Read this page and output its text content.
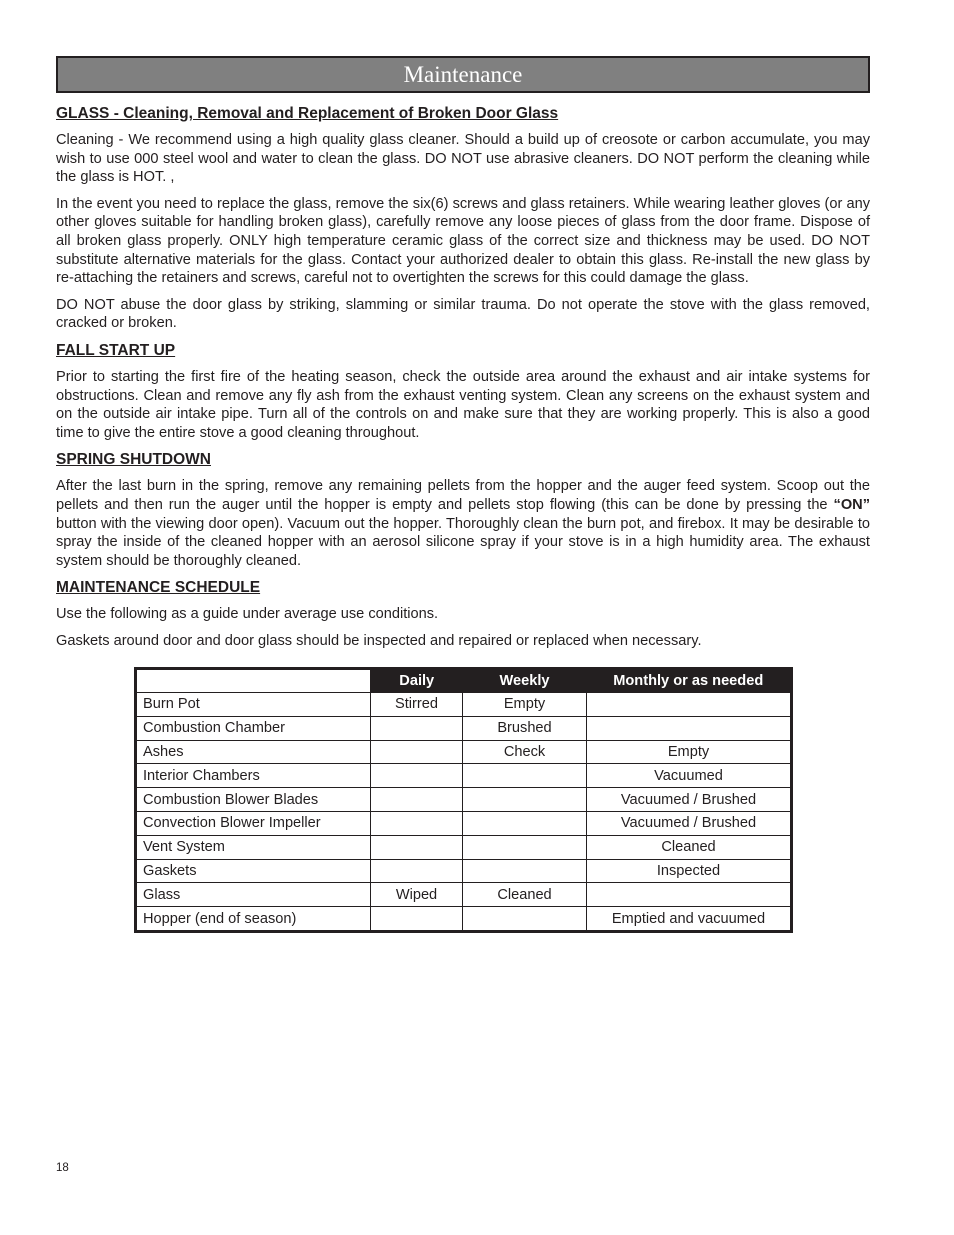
Maintenance
GLASS - Cleaning, Removal and Replacement of Broken Door Glass

Cleaning - We recommend using a high quality glass cleaner. Should a build up of creosote or carbon accumulate, you may wish to use 000 steel wool and water to clean the glass. DO NOT use abrasive cleaners. DO NOT perform the cleaning while the glass is HOT. ,

In the event you need to replace the glass, remove the six(6) screws and glass retainers. While wearing leather gloves (or any other gloves suitable for handling broken glass), carefully remove any loose pieces of glass from the door frame. Dispose of all broken glass properly. ONLY high temperature ceramic glass of the correct size and thickness may be used. DO NOT substitute alternative materials for the glass. Contact your authorized dealer to obtain this glass. Re-install the new glass by re-attaching the retainers and screws, careful not to overtighten the screws for this could damage the glass.

DO NOT abuse the door glass by striking, slamming or similar trauma. Do not operate the stove with the glass removed, cracked or broken.

FALL START UP

Prior to starting the first fire of the heating season, check the outside area around the exhaust and air intake systems for obstructions. Clean and remove any fly ash from the exhaust venting system. Clean any screens on the exhaust system and on the outside air intake pipe. Turn all of the controls on and make sure that they are working properly. This is also a good time to give the entire stove a good cleaning throughout.

SPRING SHUTDOWN

After the last burn in the spring, remove any remaining pellets from the hopper and the auger feed system. Scoop out the pellets and then run the auger until the hopper is empty and pellets stop flowing (this can be done by pressing the “ON” button with the viewing door open). Vacuum out the hopper. Thoroughly clean the burn pot, and firebox. It may be desirable to spray the inside of the cleaned hopper with an aerosol silicone spray if your stove is in a high humidity area. The exhaust system should be thoroughly cleaned.

MAINTENANCE SCHEDULE

Use the following as a guide under average use conditions.

Gaskets around door and door glass should be inspected and repaired or replaced when necessary.

	Daily	Weekly	Monthly or as needed
Burn Pot	Stirred	Empty	
Combustion Chamber		Brushed	
Ashes		Check	Empty
Interior Chambers			Vacuumed
Combustion Blower Blades			Vacuumed / Brushed
Convection Blower Impeller			Vacuumed / Brushed
Vent System			Cleaned
Gaskets			Inspected
Glass	Wiped	Cleaned	
Hopper (end of season)			Emptied and vacuumed
18
